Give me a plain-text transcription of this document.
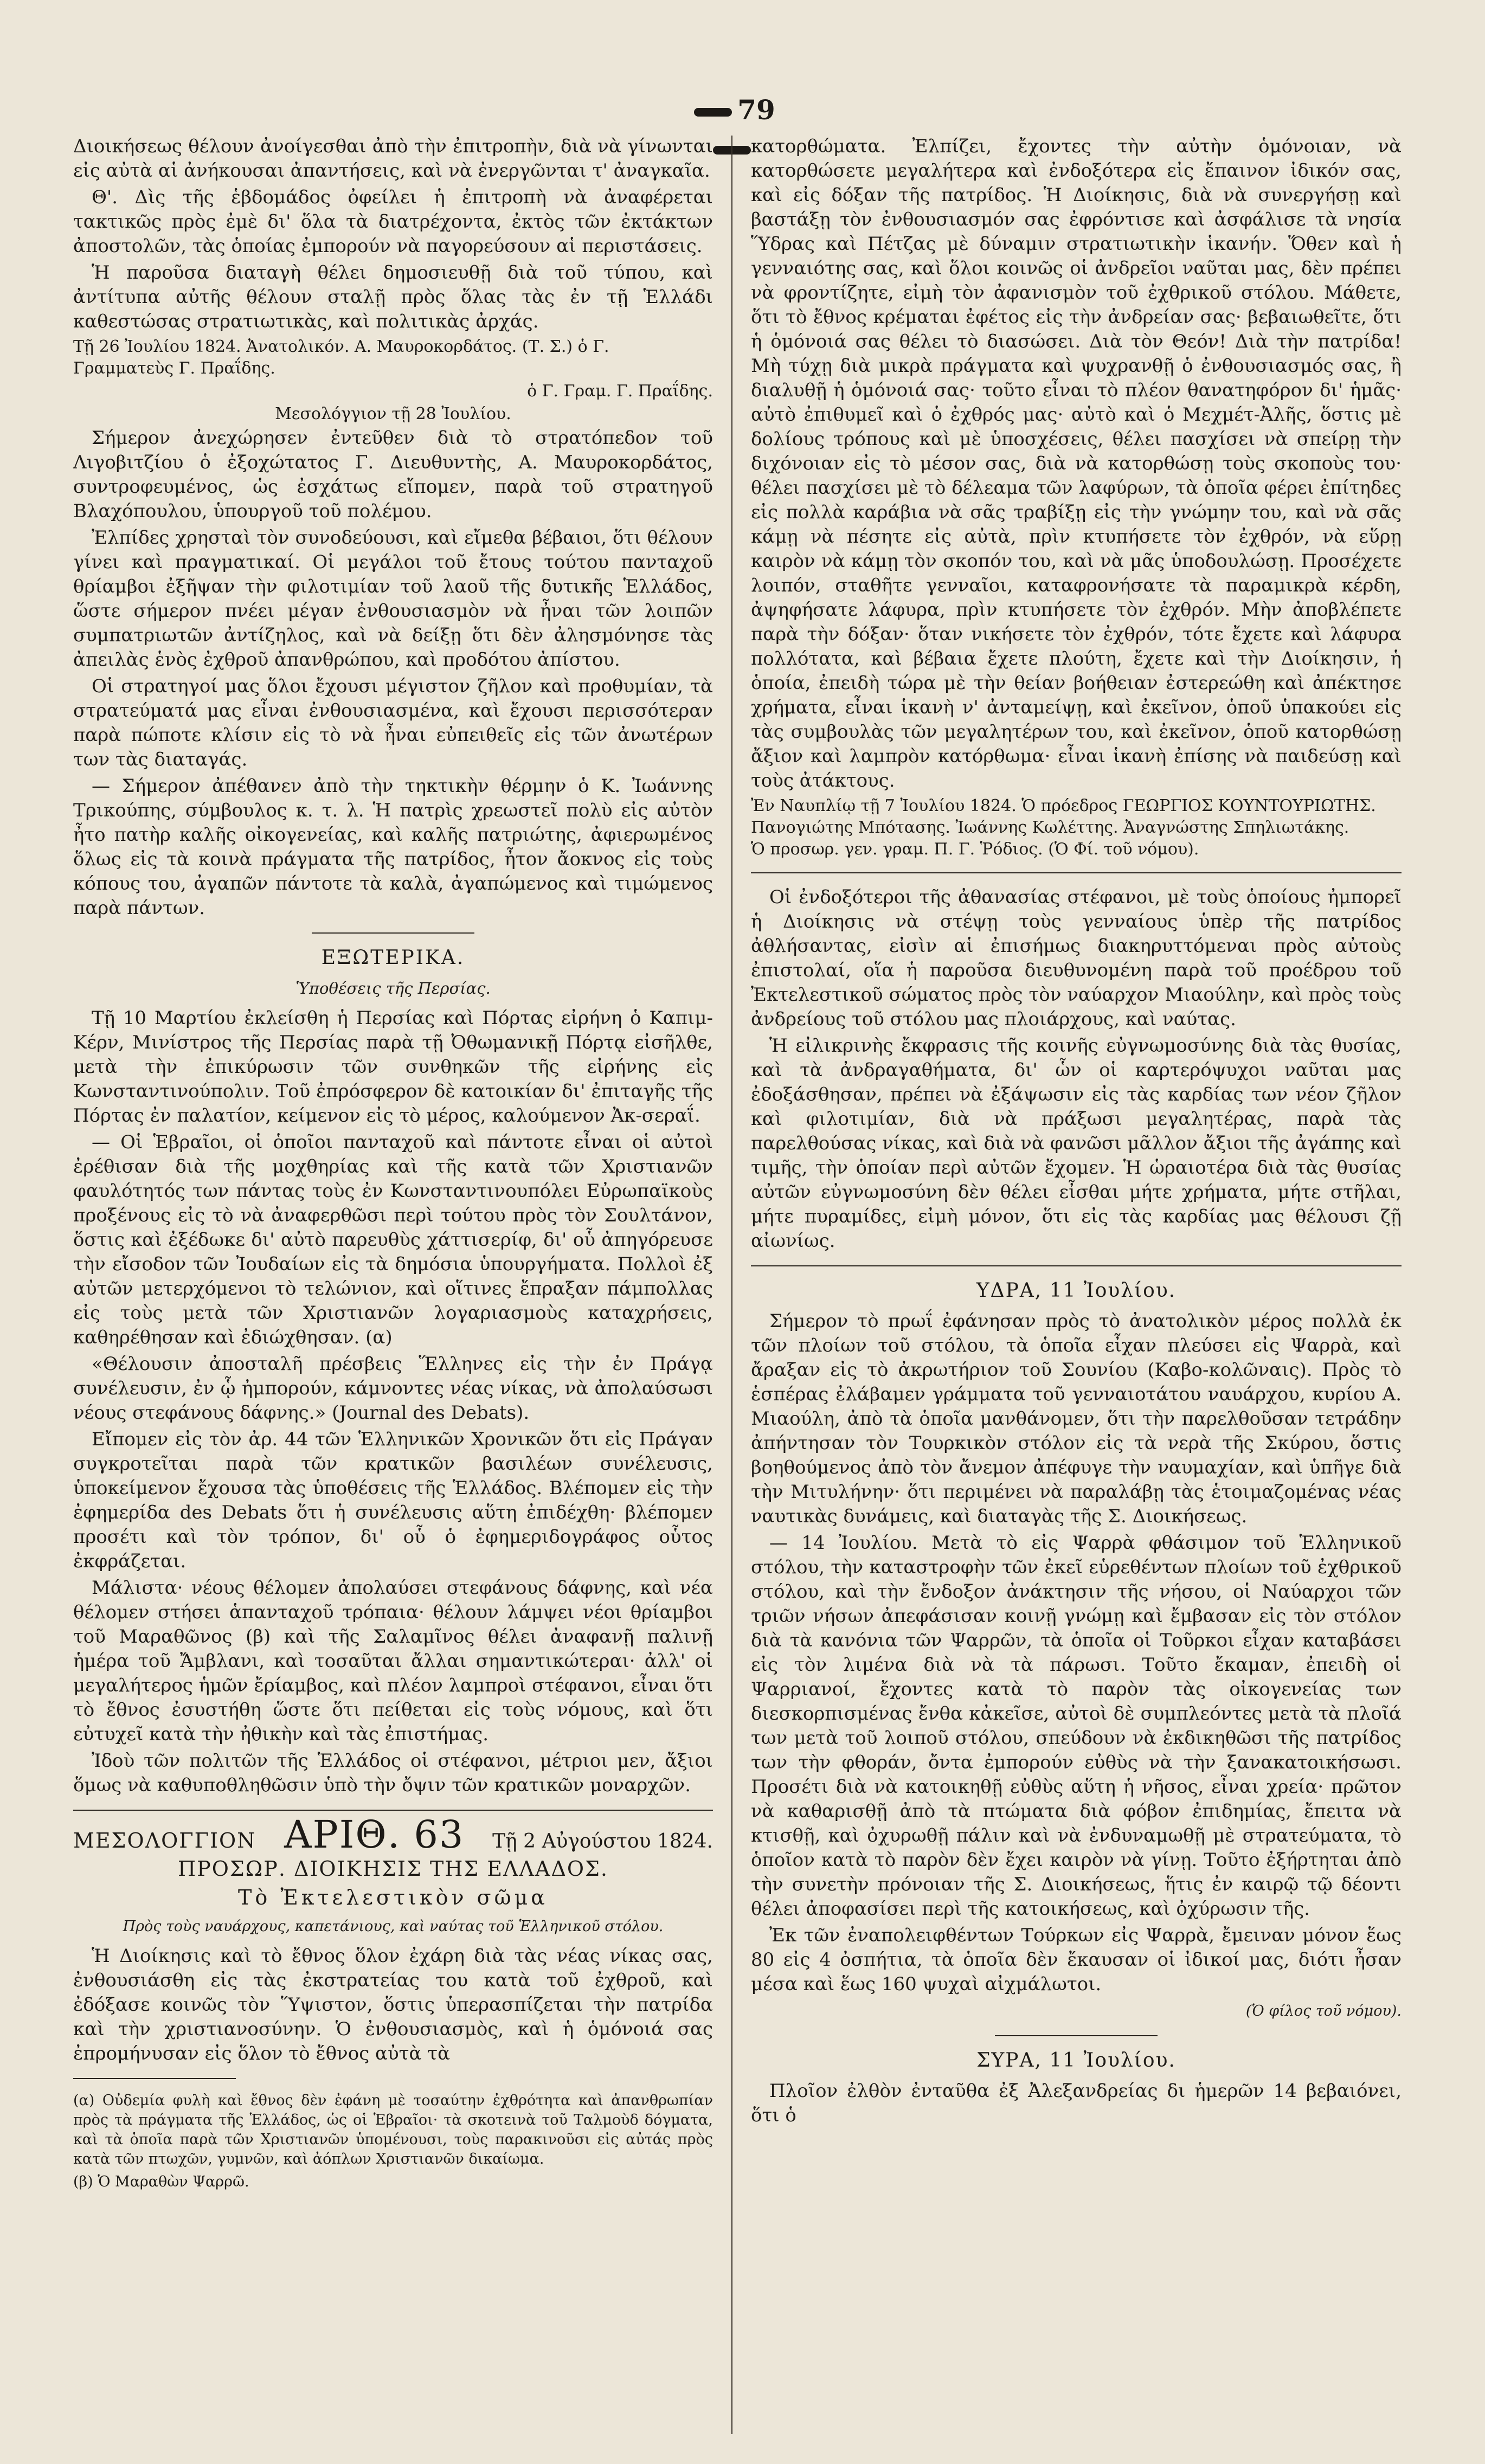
79
Διοικήσεως θέλουν ἀνοίγεσθαι ἀπὸ τὴν ἐπιτροπὴν, διὰ νὰ γίνωνται εἰς αὐτὰ αἱ ἀνήκουσαι ἀπαντήσεις, καὶ νὰ ἐνεργῶνται τ' ἀναγκαῖα.
Θ'. Δὶς τῆς ἑβδομάδος ὀφείλει ἡ ἐπιτροπὴ νὰ ἀναφέρεται τακτικῶς πρὸς ἐμὲ δι' ὅλα τὰ διατρέχοντα, ἐκτὸς τῶν ἐκτάκτων ἀποστολῶν, τὰς ὁποίας ἐμπορούν νὰ παγορεύσουν αἱ περιστάσεις.
Ἡ παροῦσα διαταγὴ θέλει δημοσιευθῇ διὰ τοῦ τύπου, καὶ ἀντίτυπα αὐτῆς θέλουν σταλῇ πρὸς ὅλας τὰς ἐν τῇ Ἑλλάδι καθεστώσας στρατιωτικὰς, καὶ πολιτικὰς ἀρχάς.
Τῇ 26 Ἰουλίου 1824. Ἀνατολικόν. Α. Μαυροκορδάτος. (Τ. Σ.) ὁ Γ. Γραμματεὺς Γ. Πραΐδης.
ὁ Γ. Γραμ. Γ. Πραΐδης.
Μεσολόγγιον τῇ 28 Ἰουλίου.
Σήμερον ἀνεχώρησεν ἐντεῦθεν διὰ τὸ στρατόπεδον τοῦ Λιγοβιτζίου ὁ ἐξοχώτατος Γ. Διευθυντὴς, Α. Μαυροκορδάτος, συντροφευμένος, ὡς ἐσχάτως εἴπομεν, παρὰ τοῦ στρατηγοῦ Βλαχόπουλου, ὑπουργοῦ τοῦ πολέμου.
Ἐλπίδες χρησταὶ τὸν συνοδεύουσι, καὶ εἴμεθα βέβαιοι, ὅτι θέλουν γίνει καὶ πραγματικαί. Οἱ μεγάλοι τοῦ ἔτους τούτου πανταχοῦ θρίαμβοι ἐξῆψαν τὴν φιλοτιμίαν τοῦ λαοῦ τῆς δυτικῆς Ἑλλάδος, ὥστε σήμερον πνέει μέγαν ἐνθουσιασμὸν νὰ ἦναι τῶν λοιπῶν συμπατριωτῶν ἀντίζηλος, καὶ νὰ δείξῃ ὅτι δὲν ἀλησμόνησε τὰς ἀπειλὰς ἑνὸς ἐχθροῦ ἀπανθρώπου, καὶ προδότου ἀπίστου.
Οἱ στρατηγοί μας ὅλοι ἔχουσι μέγιστον ζῆλον καὶ προθυμίαν, τὰ στρατεύματά μας εἶναι ἐνθουσιασμένα, καὶ ἔχουσι περισσότεραν παρὰ πώποτε κλίσιν εἰς τὸ νὰ ἦναι εὐπειθεῖς εἰς τῶν ἀνωτέρων των τὰς διαταγάς.
— Σήμερον ἀπέθανεν ἀπὸ τὴν τηκτικὴν θέρμην ὁ Κ. Ἰωάννης Τρικούπης, σύμβουλος κ. τ. λ. Ἡ πατρὶς χρεωστεῖ πολὺ εἰς αὐτὸν ἦτο πατὴρ καλῆς οἰκογενείας, καὶ καλῆς πατριώτης, ἀφιερωμένος ὅλως εἰς τὰ κοινὰ πράγματα τῆς πατρίδος, ἦτον ἄοκνος εἰς τοὺς κόπους του, ἀγαπῶν πάντοτε τὰ καλὰ, ἀγαπώμενος καὶ τιμώμενος παρὰ πάντων.
ΕΞΩΤΕΡΙΚΑ.
Ὑποθέσεις τῆς Περσίας.
Τῇ 10 Μαρτίου ἐκλείσθη ἡ Περσίας καὶ Πόρτας εἰρήνη ὁ Καπιμ-Κέρν, Μινίστρος τῆς Περσίας παρὰ τῇ Ὀθωμανικῇ Πόρτᾳ εἰσῆλθε, μετὰ τὴν ἐπικύρωσιν τῶν συνθηκῶν τῆς εἰρήνης εἰς Κωνσταντινούπολιν. Τοῦ ἐπρόσφερον δὲ κατοικίαν δι' ἐπιταγῆς τῆς Πόρτας ἐν παλατίον, κείμενον εἰς τὸ μέρος, καλούμενον Ἀκ-σεραΐ.
— Οἱ Ἑβραῖοι, οἱ ὁποῖοι πανταχοῦ καὶ πάντοτε εἶναι οἱ αὐτοὶ ἐρέθισαν διὰ τῆς μοχθηρίας καὶ τῆς κατὰ τῶν Χριστιανῶν φαυλότητός των πάντας τοὺς ἐν Κωνσταντινουπόλει Εὐρωπαϊκοὺς προξένους εἰς τὸ νὰ ἀναφερθῶσι περὶ τούτου πρὸς τὸν Σουλτάνον, ὅστις καὶ ἐξέδωκε δι' αὐτὸ παρευθὺς χάττισερίφ, δι' οὗ ἀπηγόρευσε τὴν εἴσοδον τῶν Ἰουδαίων εἰς τὰ δημόσια ὑπουργήματα. Πολλοὶ ἐξ αὐτῶν μετερχόμενοι τὸ τελώνιον, καὶ οἵτινες ἔπραξαν πάμπολλας εἰς τοὺς μετὰ τῶν Χριστιανῶν λογαριασμοὺς καταχρήσεις, καθηρέθησαν καὶ ἐδιώχθησαν. (α)
«Θέλουσιν ἀποσταλῆ πρέσβεις Ἕλληνες εἰς τὴν ἐν Πράγᾳ συνέλευσιν, ἐν ᾧ ἠμπορούν, κάμνοντες νέας νίκας, νὰ ἀπολαύσωσι νέους στεφάνους δάφνης.» (Journal des Debats).
Εἴπομεν εἰς τὸν ἀρ. 44 τῶν Ἑλληνικῶν Χρονικῶν ὅτι εἰς Πράγαν συγκροτεῖται παρὰ τῶν κρατικῶν βασιλέων συνέλευσις, ὑποκείμενον ἔχουσα τὰς ὑποθέσεις τῆς Ἑλλάδος. Βλέπομεν εἰς τὴν ἐφημερίδα des Debats ὅτι ἡ συνέλευσις αὕτη ἐπιδέχθη· βλέπομεν προσέτι καὶ τὸν τρόπον, δι' οὗ ὁ ἐφημεριδογράφος οὗτος ἐκφράζεται.
Μάλιστα· νέους θέλομεν ἀπολαύσει στεφάνους δάφνης, καὶ νέα θέλομεν στήσει ἁπανταχοῦ τρόπαια· θέλουν λάμψει νέοι θρίαμβοι τοῦ Μαραθῶνος (β) καὶ τῆς Σαλαμῖνος θέλει ἀναφανῇ παλινῇ ἡμέρα τοῦ Ἄμβλανι, καὶ τοσαῦται ἄλλαι σημαντικώτεραι· ἀλλ' οἱ μεγαλήτερος ἡμῶν ἔρίαμβος, καὶ πλέον λαμπροὶ στέφανοι, εἶναι ὅτι τὸ ἔθνος ἐσυστήθη ὥστε ὅτι πείθεται εἰς τοὺς νόμους, καὶ ὅτι εὐτυχεῖ κατὰ τὴν ἠθικὴν καὶ τὰς ἐπιστήμας.
Ἰδοὺ τῶν πολιτῶν τῆς Ἑλλάδος οἱ στέφανοι, μέτριοι μεν, ἄξιοι ὅμως νὰ καθυποθληθῶσιν ὑπὸ τὴν ὄψιν τῶν κρατικῶν μοναρχῶν.
ΜΕΣΟΛΟΓΓΙΟΝ ΑΡΙΘ. 63 Τῇ 2 Αὐγούστου 1824.
ΠΡΟΣΩΡ. ΔΙΟΙΚΗΣΙΣ ΤΗΣ ΕΛΛΑΔΟΣ.
Τὸ Ἐκτελεστικὸν σῶμα
Πρὸς τοὺς ναυάρχους, καπετάνιους, καὶ ναύτας τοῦ Ἑλληνικοῦ στόλου.
Ἡ Διοίκησις καὶ τὸ ἔθνος ὅλον ἐχάρη διὰ τὰς νέας νίκας σας, ἐνθουσιάσθη εἰς τὰς ἐκστρατείας του κατὰ τοῦ ἐχθροῦ, καὶ ἐδόξασε κοινῶς τὸν Ὕψιστον, ὅστις ὑπερασπίζεται τὴν πατρίδα καὶ τὴν χριστιανοσύνην. Ὁ ἐνθουσιασμὸς, καὶ ἡ ὁμόνοιά σας ἐπρομήνυσαν εἰς ὅλον τὸ ἔθνος αὐτὰ τὰ
(α) Οὐδεμία φυλὴ καὶ ἔθνος δὲν ἐφάνη μὲ τοσαύτην ἐχθρότητα καὶ ἀπανθρωπίαν πρὸς τὰ πράγματα τῆς Ἑλλάδος, ὡς οἱ Ἑβραῖοι· τὰ σκοτεινὰ τοῦ Ταλμοὺδ δόγματα, καὶ τὰ ὁποῖα παρὰ τῶν Χριστιανῶν ὑπομένουσι, τοὺς παρακινοῦσι εἰς αὐτάς πρὸς κατὰ τῶν πτωχῶν, γυμνῶν, καὶ ἀόπλων Χριστιανῶν δικαίωμα.
(β) Ὁ Μαραθὼν Ψαρρῶ.
κατορθώματα. Ἐλπίζει, ἔχοντες τὴν αὐτὴν ὁμόνοιαν, νὰ κατορθώσετε μεγαλήτερα καὶ ἐνδοξότερα εἰς ἔπαινον ἰδικόν σας, καὶ εἰς δόξαν τῆς πατρίδος. Ἡ Διοίκησις, διὰ νὰ συνεργήσῃ καὶ βαστάξῃ τὸν ἐνθουσιασμόν σας ἐφρόντισε καὶ ἀσφάλισε τὰ νησία Ὕδρας καὶ Πέτζας μὲ δύναμιν στρατιωτικὴν ἱκανήν. Ὅθεν καὶ ἡ γενναιότης σας, καὶ ὅλοι κοινῶς οἱ ἀνδρεῖοι ναῦται μας, δὲν πρέπει νὰ φροντίζητε, εἰμὴ τὸν ἀφανισμὸν τοῦ ἐχθρικοῦ στόλου. Μάθετε, ὅτι τὸ ἔθνος κρέμαται ἐφέτος εἰς τὴν ἀνδρείαν σας· βεβαιωθεῖτε, ὅτι ἡ ὁμόνοιά σας θέλει τὸ διασώσει. Διὰ τὸν Θεόν! Διὰ τὴν πατρίδα! Μὴ τύχῃ διὰ μικρὰ πράγματα καὶ ψυχρανθῇ ὁ ἐνθουσιασμός σας, ἢ διαλυθῇ ἡ ὁμόνοιά σας· τοῦτο εἶναι τὸ πλέον θανατηφόρον δι' ἡμᾶς· αὐτὸ ἐπιθυμεῖ καὶ ὁ ἐχθρός μας· αὐτὸ καὶ ὁ Μεχμέτ-Ἀλῆς, ὅστις μὲ δολίους τρόπους καὶ μὲ ὑποσχέσεις, θέλει πασχίσει νὰ σπείρῃ τὴν διχόνοιαν εἰς τὸ μέσον σας, διὰ νὰ κατορθώσῃ τοὺς σκοποὺς του· θέλει πασχίσει μὲ τὸ δέλεαμα τῶν λαφύρων, τὰ ὁποῖα φέρει ἐπίτηδες εἰς πολλὰ καράβια νὰ σᾶς τραβίξῃ εἰς τὴν γνώμην του, καὶ νὰ σᾶς κάμῃ νὰ πέσητε εἰς αὐτὰ, πρὶν κτυπήσετε τὸν ἐχθρόν, νὰ εὕρῃ καιρὸν νὰ κάμῃ τὸν σκοπόν του, καὶ νὰ μᾶς ὑποδουλώσῃ. Προσέχετε λοιπόν, σταθῆτε γενναῖοι, καταφρονήσατε τὰ παραμικρὰ κέρδη, ἀψηφήσατε λάφυρα, πρὶν κτυπήσετε τὸν ἐχθρόν. Μὴν ἀποβλέπετε παρὰ τὴν δόξαν· ὅταν νικήσετε τὸν ἐχθρόν, τότε ἔχετε καὶ λάφυρα πολλότατα, καὶ βέβαια ἔχετε πλούτη, ἔχετε καὶ τὴν Διοίκησιν, ἡ ὁποία, ἐπειδὴ τώρα μὲ τὴν θείαν βοήθειαν ἐστερεώθη καὶ ἀπέκτησε χρήματα, εἶναι ἱκανὴ ν' ἀνταμείψῃ, καὶ ἐκεῖνον, ὁποῦ ὑπακούει εἰς τὰς συμβουλὰς τῶν μεγαλητέρων του, καὶ ἐκεῖνον, ὁποῦ κατορθώσῃ ἄξιον καὶ λαμπρὸν κατόρθωμα· εἶναι ἱκανὴ ἐπίσης νὰ παιδεύσῃ καὶ τοὺς ἀτάκτους.
Ἐν Ναυπλίῳ τῇ 7 Ἰουλίου 1824. Ὁ πρόεδρος ΓΕΩΡΓΙΟΣ ΚΟΥΝΤΟΥΡΙΩΤΗΣ. Πανογιώτης Μπότασης. Ἰωάννης Κωλέττης. Ἀναγνώστης Σπηλιωτάκης.
Ὁ προσωρ. γεν. γραμ. Π. Γ. Ῥόδιος. (Ὁ Φί. τοῦ νόμου).
Οἱ ἐνδοξότεροι τῆς ἀθανασίας στέφανοι, μὲ τοὺς ὁποίους ἠμπορεῖ ἡ Διοίκησις νὰ στέψῃ τοὺς γενναίους ὑπὲρ τῆς πατρίδος ἀθλήσαντας, εἰσὶν αἱ ἐπισήμως διακηρυττόμεναι πρὸς αὐτοὺς ἐπιστολαί, οἵα ἡ παροῦσα διευθυνομένη παρὰ τοῦ προέδρου τοῦ Ἐκτελεστικοῦ σώματος πρὸς τὸν ναύαρχον Μιαούλην, καὶ πρὸς τοὺς ἀνδρείους τοῦ στόλου μας πλοιάρχους, καὶ ναύτας.
Ἡ εἰλικρινὴς ἔκφρασις τῆς κοινῆς εὐγνωμοσύνης διὰ τὰς θυσίας, καὶ τὰ ἀνδραγαθήματα, δι' ὧν οἱ καρτερόψυχοι ναῦται μας ἐδοξάσθησαν, πρέπει νὰ ἐξάψωσιν εἰς τὰς καρδίας των νέον ζῆλον καὶ φιλοτιμίαν, διὰ νὰ πράξωσι μεγαλητέρας, παρὰ τὰς παρελθούσας νίκας, καὶ διὰ νὰ φανῶσι μᾶλλον ἄξιοι τῆς ἀγάπης καὶ τιμῆς, τὴν ὁποίαν περὶ αὐτῶν ἔχομεν. Ἡ ὡραιοτέρα διὰ τὰς θυσίας αὐτῶν εὐγνωμοσύνη δὲν θέλει εἶσθαι μήτε χρήματα, μήτε στῆλαι, μήτε πυραμίδες, εἰμὴ μόνον, ὅτι εἰς τὰς καρδίας μας θέλουσι ζῇ αἰωνίως.
ΥΔΡΑ, 11 Ἰουλίου.
Σήμερον τὸ πρωΐ ἐφάνησαν πρὸς τὸ ἀνατολικὸν μέρος πολλὰ ἐκ τῶν πλοίων τοῦ στόλου, τὰ ὁποῖα εἶχαν πλεύσει εἰς Ψαρρὰ, καὶ ἄραξαν εἰς τὸ ἀκρωτήριον τοῦ Σουνίου (Καβο-κολῶναις). Πρὸς τὸ ἑσπέρας ἐλάβαμεν γράμματα τοῦ γενναιοτάτου ναυάρχου, κυρίου Α. Μιαούλη, ἀπὸ τὰ ὁποῖα μανθάνομεν, ὅτι τὴν παρελθοῦσαν τετράδην ἀπήντησαν τὸν Τουρκικὸν στόλον εἰς τὰ νερὰ τῆς Σκύρου, ὅστις βοηθούμενος ἀπὸ τὸν ἄνεμον ἀπέφυγε τὴν ναυμαχίαν, καὶ ὑπῆγε διὰ τὴν Μιτυλήνην· ὅτι περιμένει νὰ παραλάβῃ τὰς ἑτοιμαζομένας νέας ναυτικὰς δυνάμεις, καὶ διαταγὰς τῆς Σ. Διοικήσεως.
— 14 Ἰουλίου. Μετὰ τὸ εἰς Ψαρρὰ φθάσιμον τοῦ Ἑλληνικοῦ στόλου, τὴν καταστροφὴν τῶν ἐκεῖ εὑρεθέντων πλοίων τοῦ ἐχθρικοῦ στόλου, καὶ τὴν ἔνδοξον ἀνάκτησιν τῆς νήσου, οἱ Ναύαρχοι τῶν τριῶν νήσων ἀπεφάσισαν κοινῇ γνώμῃ καὶ ἔμβασαν εἰς τὸν στόλον διὰ τὰ κανόνια τῶν Ψαρρῶν, τὰ ὁποῖα οἱ Τοῦρκοι εἶχαν καταβάσει εἰς τὸν λιμένα διὰ νὰ τὰ πάρωσι. Τοῦτο ἔκαμαν, ἐπειδὴ οἱ Ψαρριανοί, ἔχοντες κατὰ τὸ παρὸν τὰς οἰκογενείας των διεσκορπισμένας ἔνθα κἀκεῖσε, αὐτοὶ δὲ συμπλεόντες μετὰ τὰ πλοῖά των μετὰ τοῦ λοιποῦ στόλου, σπεύδουν νὰ ἐκδικηθῶσι τῆς πατρίδος των τὴν φθοράν, ὄντα ἐμπορούν εὐθὺς νὰ τὴν ξανακατοικήσωσι. Προσέτι διὰ νὰ κατοικηθῇ εὐθὺς αὕτη ἡ νῆσος, εἶναι χρεία· πρῶτον νὰ καθαρισθῇ ἀπὸ τὰ πτώματα διὰ φόβον ἐπιδημίας, ἔπειτα νὰ κτισθῇ, καὶ ὀχυρωθῇ πάλιν καὶ νὰ ἐνδυναμωθῇ μὲ στρατεύματα, τὸ ὁποῖον κατὰ τὸ παρὸν δὲν ἔχει καιρὸν νὰ γίνῃ. Τοῦτο ἐξήρτηται ἀπὸ τὴν συνετὴν πρόνοιαν τῆς Σ. Διοικήσεως, ἥτις ἐν καιρῷ τῷ δέοντι θέλει ἀποφασίσει περὶ τῆς κατοικήσεως, καὶ ὀχύρωσιν τῆς.
Ἐκ τῶν ἐναπολειφθέντων Τούρκων εἰς Ψαρρὰ, ἔμειναν μόνον ἕως 80 εἰς 4 ὀσπήτια, τὰ ὁποῖα δὲν ἔκαυσαν οἱ ἰδικοί μας, διότι ἦσαν μέσα καὶ ἕως 160 ψυχαὶ αἰχμάλωτοι.
(Ὁ φίλος τοῦ νόμου).
ΣΥΡΑ, 11 Ἰουλίου.
Πλοῖον ἐλθὸν ἐνταῦθα ἐξ Ἀλεξανδρείας δι ἡμερῶν 14 βεβαιόνει, ὅτι ὁ
